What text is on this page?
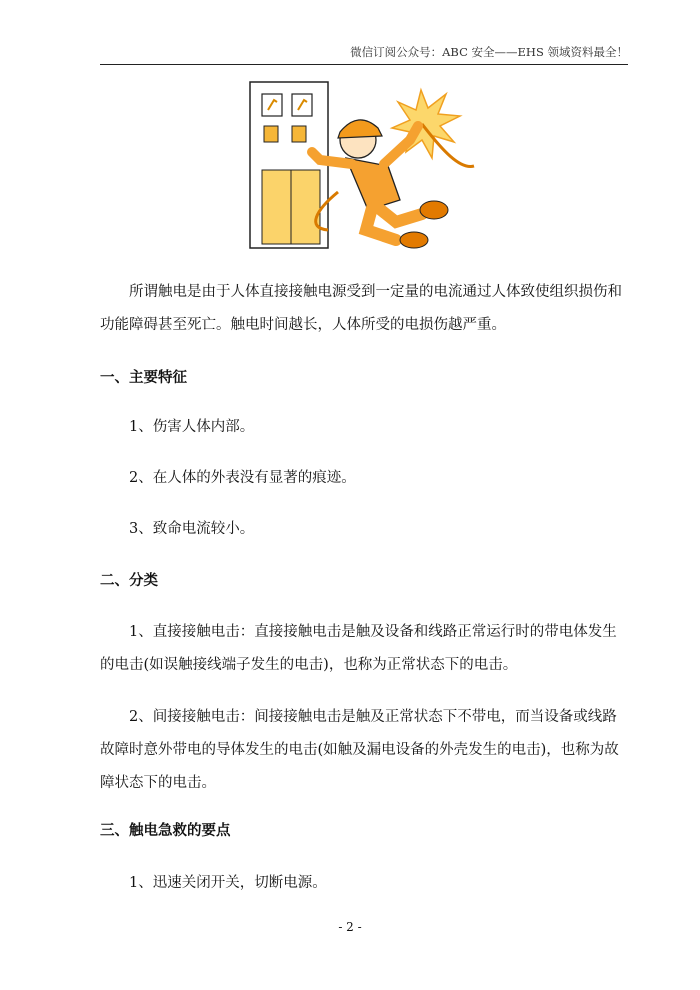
微信订阅公众号：ABC 安全——EHS 领域资料最全！

所谓触电是由于人体直接接触电源受到一定量的电流通过人体致使组织损伤和功能障碍甚至死亡。触电时间越长，人体所受的电损伤越严重。

一、主要特征

1、伤害人体内部。

2、在人体的外表没有显著的痕迹。

3、致命电流较小。

二、分类

1、直接接触电击：直接接触电击是触及设备和线路正常运行时的带电体发生的电击(如误触接线端子发生的电击)，也称为正常状态下的电击。

2、间接接触电击：间接接触电击是触及正常状态下不带电，而当设备或线路故障时意外带电的导体发生的电击(如触及漏电设备的外壳发生的电击)，也称为故障状态下的电击。

三、触电急救的要点

1、迅速关闭开关，切断电源。

- 2 -
